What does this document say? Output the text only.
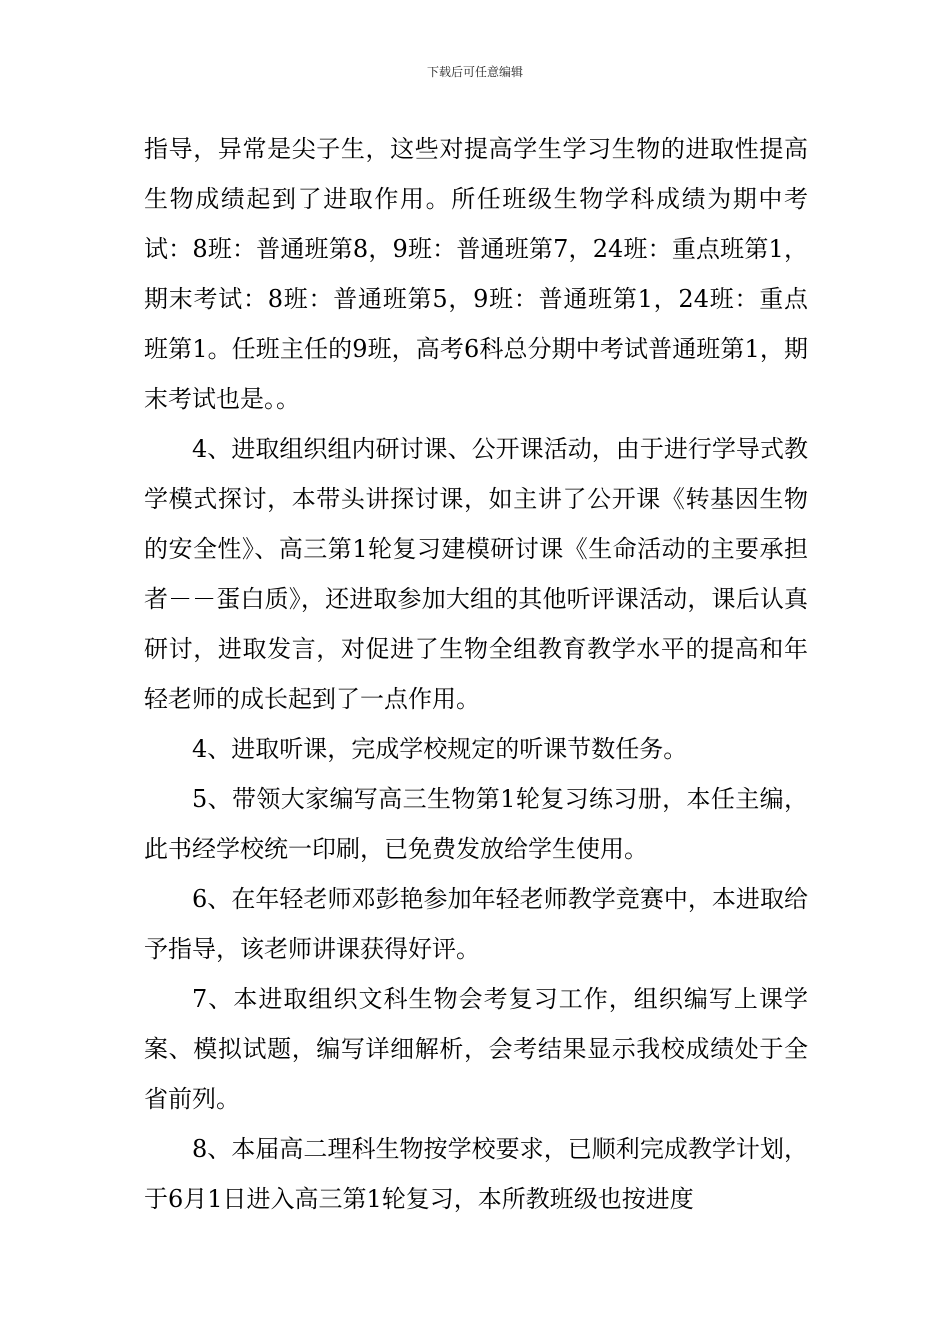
下载后可任意编辑

指导，异常是尖子生，这些对提高学生学习生物的进取性提高生物成绩起到了进取作用。所任班级生物学科成绩为期中考试：8班：普通班第8，9班：普通班第7，24班：重点班第1，期末考试：8班：普通班第5，9班：普通班第1，24班：重点班第1。任班主任的9班，高考6科总分期中考试普通班第1，期末考试也是。。

4、进取组织组内研讨课、公开课活动，由于进行学导式教学模式探讨，本带头讲探讨课，如主讲了公开课《转基因生物的安全性》、高三第1轮复习建模研讨课《生命活动的主要承担者－－蛋白质》，还进取参加大组的其他听评课活动，课后认真研讨，进取发言，对促进了生物全组教育教学水平的提高和年轻老师的成长起到了一点作用。

4、进取听课，完成学校规定的听课节数任务。

5、带领大家编写高三生物第1轮复习练习册，本任主编，此书经学校统一印刷，已免费发放给学生使用。

6、在年轻老师邓彭艳参加年轻老师教学竞赛中，本进取给予指导，该老师讲课获得好评。

7、本进取组织文科生物会考复习工作，组织编写上课学案、模拟试题，编写详细解析，会考结果显示我校成绩处于全省前列。

8、本届高二理科生物按学校要求，已顺利完成教学计划，于6月1日进入高三第1轮复习，本所教班级也按进度
